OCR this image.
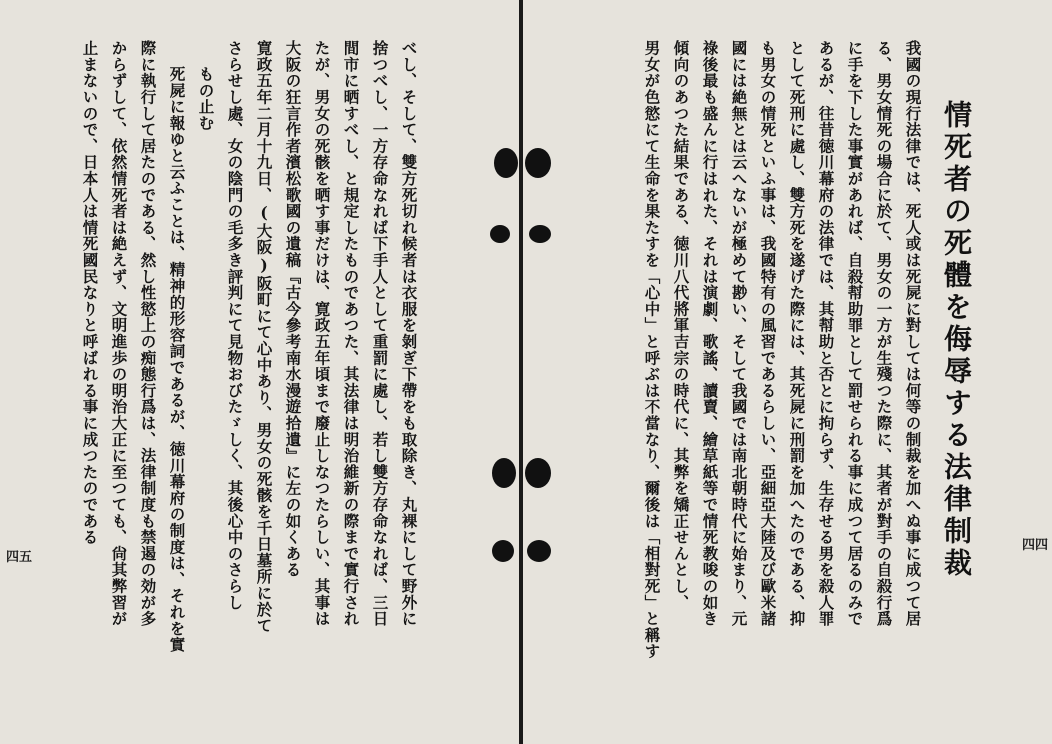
四五	べし、そして、雙方死切れ候者は衣服を剝ぎ下帶をも取除き、丸裸にして野外に
捨つべし、一方存命なれば下手人として重罰に處し、若し雙方存命なれば、三日
間市に晒すべし、と規定したものであつた、其法律は明治維新の際まで實行され
たが、男女の死骸を晒す事だけは、寛政五年頃まで廢止しなつたらしい、其事は
大阪の狂言作者濱松歌國の遺稿『古今參考南水漫遊拾遺』に左の如くある
寛政五年二月十九日、(大阪)阪町にて心中あり、男女の死骸を千日墓所に於て
さらせし處、女の陰門の毛多き評判にて見物おびたゞしく、其後心中のさらし
もの止む
死屍に報ゆと云ふことは、精神的形容詞であるが、徳川幕府の制度は、それを實
際に執行して居たのである、然し性慾上の痴態行爲は、法律制度も禁遏の効が多
からずして、依然情死者は絶えず、文明進歩の明治大正に至つても、尙其弊習が
止まないので、日本人は情死國民なりと呼ばれる事に成つたのである	情死者の死體を侮辱する法律制裁	四四
我國の現行法律では、死人或は死屍に對しては何等の制裁を加へぬ事に成つて居
る、男女情死の場合に於て、男女の一方が生殘つた際に、其者が對手の自殺行爲
に手を下した事實があれば、自殺幇助罪として罰せられる事に成つて居るのみで
あるが、往昔徳川幕府の法律では、其幇助と否とに拘らず、生存せる男を殺人罪
として死刑に處し、雙方死を遂げた際には、其死屍に刑罰を加へたのである、抑
も男女の情死といふ事は、我國特有の風習であるらしい、亞細亞大陸及び歐米諸
國には絶無とは云へないが極めて尠い、そして我國では南北朝時代に始まり、元
祿後最も盛んに行はれた、それは演劇、歌謠、讀賣、繪草紙等で情死教唆の如き
傾向のあつた結果である、徳川八代將軍吉宗の時代に、其弊を矯正せんとし、
男女が色慾にて生命を果たすを「心中」と呼ぶは不當なり、爾後は「相對死」と稱す
